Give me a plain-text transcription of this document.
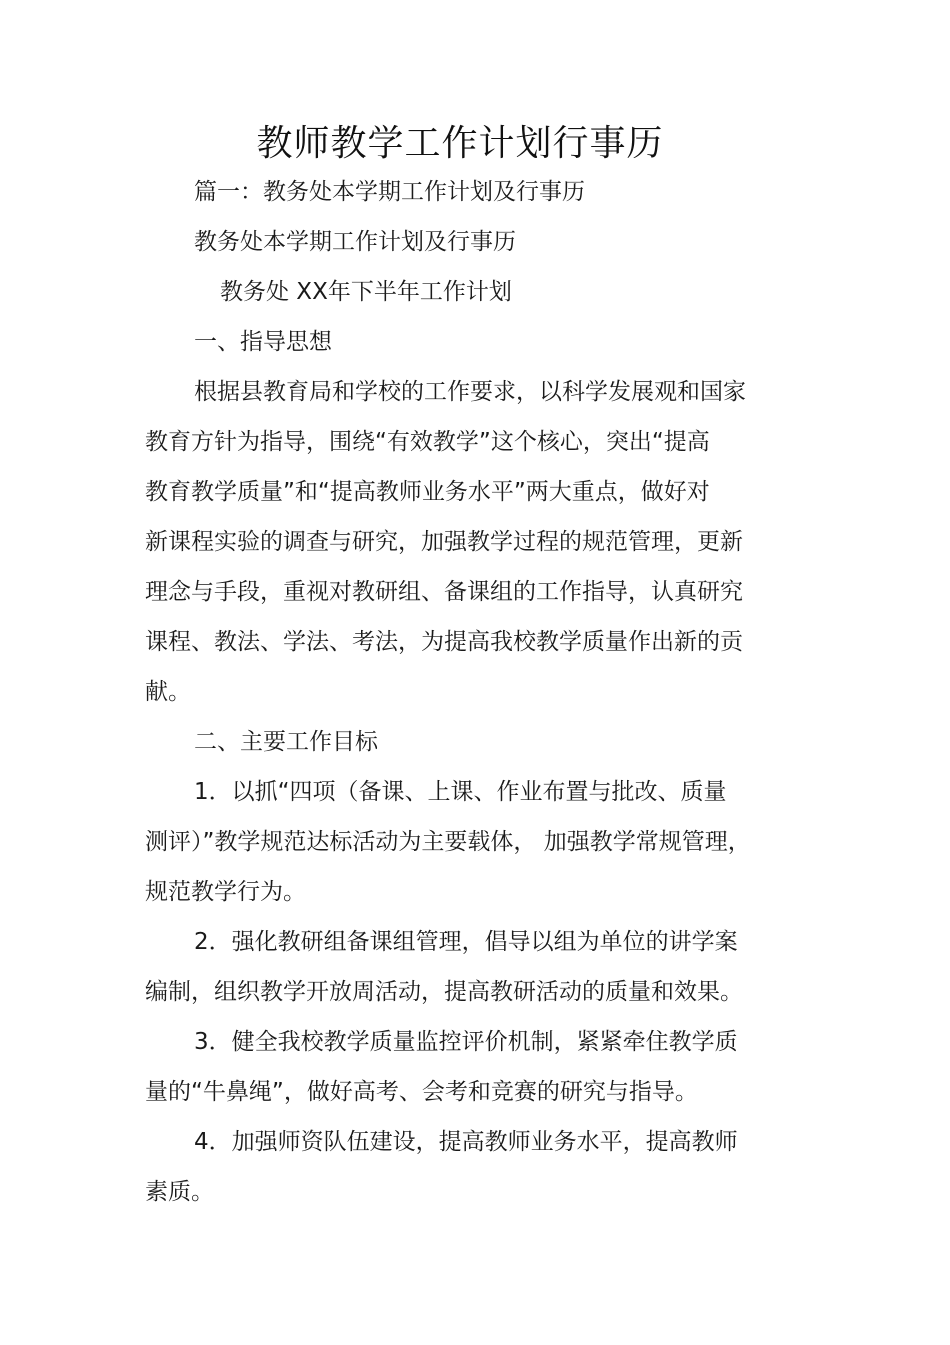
教师教学工作计划行事历
篇一：教务处本学期工作计划及行事历
教务处本学期工作计划及行事历
教务处 XX年下半年工作计划
一、指导思想
根据县教育局和学校的工作要求，以科学发展观和国家
教育方针为指导，围绕“有效教学”这个核心，突出“提高
教育教学质量”和“提高教师业务水平”两大重点，做好对
新课程实验的调查与研究，加强教学过程的规范管理，更新
理念与手段，重视对教研组、备课组的工作指导，认真研究
课程、教法、学法、考法，为提高我校教学质量作出新的贡
献。
二、主要工作目标
1．以抓“四项（备课、上课、作业布置与批改、质量
测评）”教学规范达标活动为主要载体， 加强教学常规管理，
规范教学行为。
2．强化教研组备课组管理，倡导以组为单位的讲学案
编制，组织教学开放周活动，提高教研活动的质量和效果。
3．健全我校教学质量监控评价机制，紧紧牵住教学质
量的“牛鼻绳”，做好高考、会考和竞赛的研究与指导。
4．加强师资队伍建设，提高教师业务水平，提高教师
素质。
